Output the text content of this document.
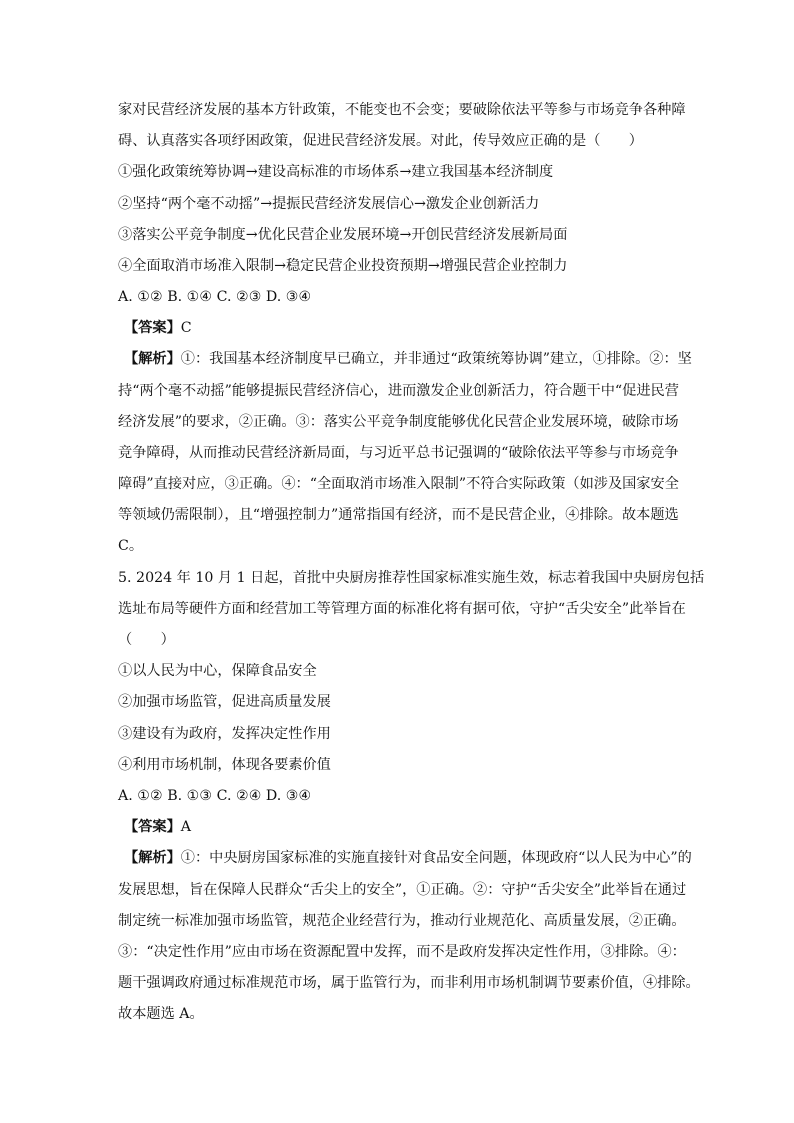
家对民营经济发展的基本方针政策，不能变也不会变；要破除依法平等参与市场竞争各种障
碍、认真落实各项纾困政策，促进民营经济发展。对此，传导效应正确的是（　　）
①强化政策统筹协调→建设高标准的市场体系→建立我国基本经济制度
②坚持“两个毫不动摇”→提振民营经济发展信心→激发企业创新活力
③落实公平竞争制度→优化民营企业发展环境→开创民营经济发展新局面
④全面取消市场准入限制→稳定民营企业投资预期→增强民营企业控制力
A. ①② B. ①④ C. ②③ D. ③④
【答案】C
【解析】①：我国基本经济制度早已确立，并非通过“政策统筹协调”建立，①排除。②：坚
持“两个毫不动摇”能够提振民营经济信心，进而激发企业创新活力，符合题干中“促进民营
经济发展”的要求，②正确。③：落实公平竞争制度能够优化民营企业发展环境，破除市场
竞争障碍，从而推动民营经济新局面，与习近平总书记强调的“破除依法平等参与市场竞争
障碍”直接对应，③正确。④：“全面取消市场准入限制”不符合实际政策（如涉及国家安全
等领域仍需限制），且“增强控制力”通常指国有经济，而不是民营企业，④排除。故本题选
C。
5. 2024 年 10 月 1 日起，首批中央厨房推荐性国家标准实施生效，标志着我国中央厨房包括
选址布局等硬件方面和经营加工等管理方面的标准化将有据可依，守护“舌尖安全”此举旨在
（　　）
①以人民为中心，保障食品安全
②加强市场监管，促进高质量发展
③建设有为政府，发挥决定性作用
④利用市场机制，体现各要素价值
A. ①② B. ①③ C. ②④ D. ③④
【答案】A
【解析】①：中央厨房国家标准的实施直接针对食品安全问题，体现政府“以人民为中心”的
发展思想，旨在保障人民群众“舌尖上的安全”，①正确。②：守护“舌尖安全”此举旨在通过
制定统一标准加强市场监管，规范企业经营行为，推动行业规范化、高质量发展，②正确。
③：“决定性作用”应由市场在资源配置中发挥，而不是政府发挥决定性作用，③排除。④：
题干强调政府通过标准规范市场，属于监管行为，而非利用市场机制调节要素价值，④排除。
故本题选 A。
